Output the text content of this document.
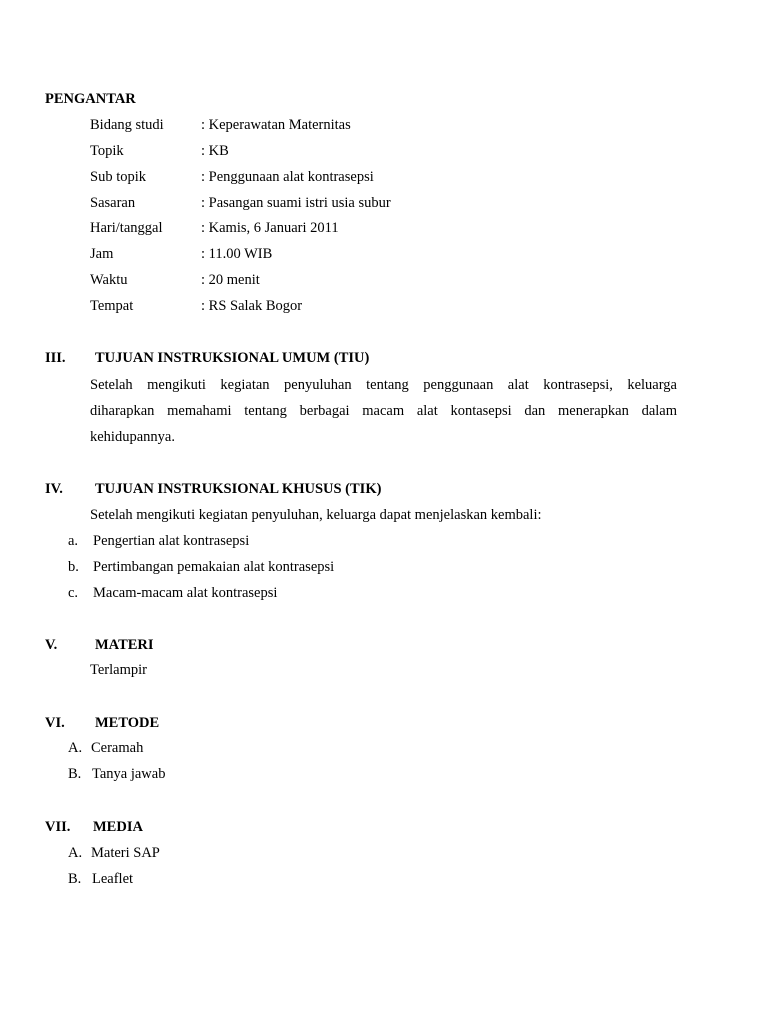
PENGANTAR
Bidang studi	: Keperawatan Maternitas
Topik	: KB
Sub topik	: Penggunaan alat kontrasepsi
Sasaran	: Pasangan suami istri usia subur
Hari/tanggal	: Kamis, 6 Januari 2011
Jam	: 11.00 WIB
Waktu	: 20 menit
Tempat	: RS Salak Bogor
III. TUJUAN INSTRUKSIONAL UMUM (TIU)
Setelah mengikuti kegiatan penyuluhan tentang penggunaan alat kontrasepsi, keluarga
diharapkan memahami tentang berbagai macam alat kontasepsi dan menerapkan dalam
kehidupannya.
IV. TUJUAN INSTRUKSIONAL KHUSUS (TIK)
Setelah mengikuti kegiatan penyuluhan, keluarga dapat menjelaskan kembali:
a. Pengertian alat kontrasepsi
b. Pertimbangan pemakaian alat kontrasepsi
c. Macam-macam alat kontrasepsi
V.	MATERI
Terlampir
VI. METODE
A. Ceramah
B. Tanya jawab
VII. MEDIA
A. Materi SAP
B. Leaflet
